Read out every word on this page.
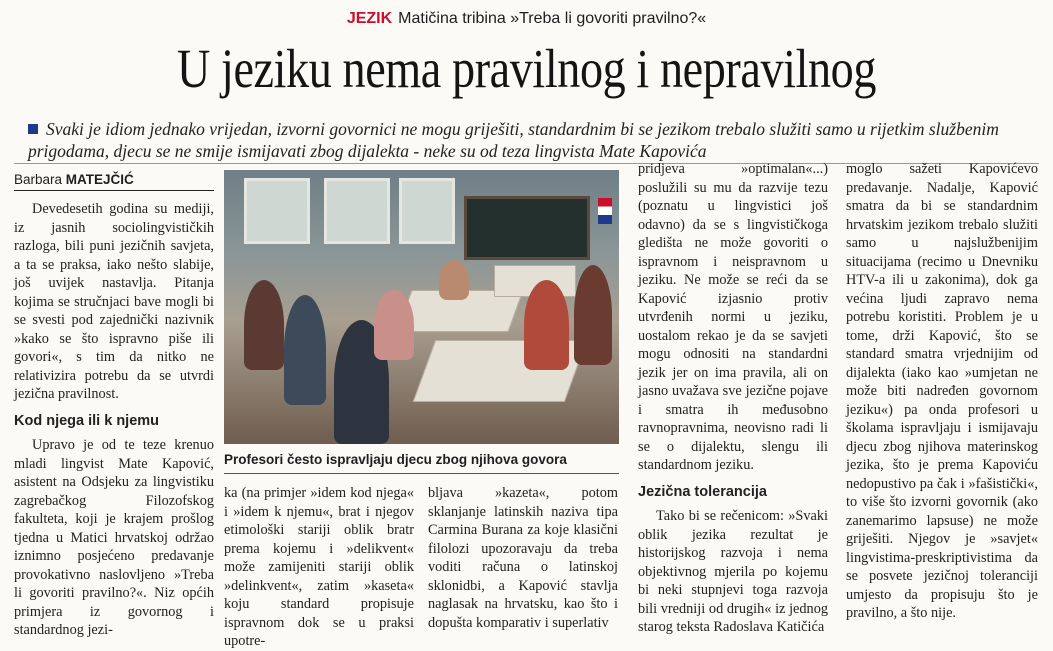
JEZIK Matičina tribina »Treba li govoriti pravilno?«
U jeziku nema pravilnog i nepravilnog
Svaki je idiom jednako vrijedan, izvorni govornici ne mogu griješiti, standardnim bi se jezikom trebalo služiti samo u rijetkim službenim prigodama, djecu se ne smije ismijavati zbog dijalekta - neke su od teza lingvista Mate Kapovića
Barbara MATEJČIĆ

Devedesetih godina su mediji, iz jasnih sociolingvističkih razloga, bili puni jezičnih savjeta, a ta se praksa, iako nešto slabije, još uvijek nastavlja. Pitanja kojima se stručnjaci bave mogli bi se svesti pod zajednički nazivnik »kako se što ispravno piše ili govori«, s tim da nitko ne relativizira potrebu da se utvrdi jezična pravilnost.

Kod njega ili k njemu

Upravo je od te teze krenuo mladi lingvist Mate Kapović, asistent na Odsjeku za lingvistiku zagrebačkog Filozofskog fakulteta, koji je krajem prošlog tjedna u Matici hrvatskoj održao iznimno posjećeno predavanje provokativno naslovljeno »Treba li govoriti pravilno?«. Niz općih primjera iz govornog i standardnog jezi-

Profesori često ispravljaju djecu zbog njihova govora

ka (na primjer »idem kod njega« i »idem k njemu«, brat i njegov etimološki stariji oblik bratr prema kojemu i »delikvent« može zamijeniti stariji oblik »delinkvent«, zatim »kaseta« koju standard propisuje ispravnom dok se u praksi upotre-

bljava »kazeta«, potom sklanjanje latinskih naziva tipa Carmina Burana za koje klasični filolozi upozoravaju da treba voditi računa o latinskoj sklonidbi, a Kapović stavlja naglasak na hrvatsku, kao što i dopušta komparativ i superlativ

pridjeva »optimalan«...) poslužili su mu da razvije tezu (poznatu u lingvistici još odavno) da se s lingvističkoga gledišta ne može govoriti o ispravnom i neispravnom u jeziku. Ne može se reći da se Kapović izjasnio protiv utvrđenih normi u jeziku, uostalom rekao je da se savjeti mogu odnositi na standardni jezik jer on ima pravila, ali on jasno uvažava sve jezične pojave i smatra ih međusobno ravnopravnima, neovisno radi li se o dijalektu, slengu ili standardnom jeziku.

Jezična tolerancija

Tako bi se rečenicom: »Svaki oblik jezika rezultat je historijskog razvoja i nema objektivnog mjerila po kojemu bi neki stupnjevi toga razvoja bili vredniji od drugih« iz jednog starog teksta Radoslava Katičića

moglo sažeti Kapovićevo predavanje. Nadalje, Kapović smatra da bi se standardnim hrvatskim jezikom trebalo služiti samo u najslužbenijim situacijama (recimo u Dnevniku HTV-a ili u zakonima), dok ga većina ljudi zapravo nema potrebu koristiti. Problem je u tome, drži Kapović, što se standard smatra vrjednijim od dijalekta (iako kao »umjetan ne može biti nadređen govornom jeziku«) pa onda profesori u školama ispravljaju i ismijavaju djecu zbog njihova materinskog jezika, što je prema Kapoviću nedopustivo pa čak i »fašistički«, to više što izvorni govornik (ako zanemarimo lapsuse) ne može griješiti. Njegov je »savjet« lingvistima-preskriptivistima da se posvete jezičnoj toleranciji umjesto da propisuju što je pravilno, a što nije.
